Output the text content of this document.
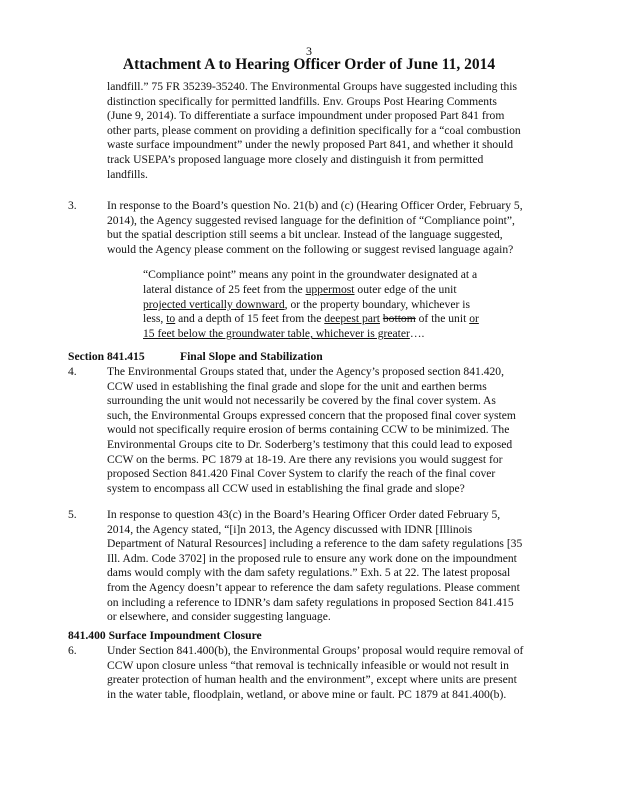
3
Attachment A to Hearing Officer Order of June 11, 2014
landfill.” 75 FR 35239-35240. The Environmental Groups have suggested including this
distinction specifically for permitted landfills. Env. Groups Post Hearing Comments
(June 9, 2014). To differentiate a surface impoundment under proposed Part 841 from
other parts, please comment on providing a definition specifically for a “coal combustion
waste surface impoundment” under the newly proposed Part 841, and whether it should
track USEPA’s proposed language more closely and distinguish it from permitted
landfills.
3.	In response to the Board’s question No. 21(b) and (c) (Hearing Officer Order, February 5,
2014), the Agency suggested revised language for the definition of “Compliance point”,
but the spatial description still seems a bit unclear. Instead of the language suggested,
would the Agency please comment on the following or suggest revised language again?
“Compliance point” means any point in the groundwater designated at a
lateral distance of 25 feet from the uppermost outer edge of the unit
projected vertically downward, or the property boundary, whichever is
less, to and a depth of 15 feet from the deepest part bottom of the unit or
15 feet below the groundwater table, whichever is greater….
Section 841.415	Final Slope and Stabilization
4.	The Environmental Groups stated that, under the Agency’s proposed section 841.420,
CCW used in establishing the final grade and slope for the unit and earthen berms
surrounding the unit would not necessarily be covered by the final cover system. As
such, the Environmental Groups expressed concern that the proposed final cover system
would not specifically require erosion of berms containing CCW to be minimized. The
Environmental Groups cite to Dr. Soderberg’s testimony that this could lead to exposed
CCW on the berms. PC 1879 at 18-19. Are there any revisions you would suggest for
proposed Section 841.420 Final Cover System to clarify the reach of the final cover
system to encompass all CCW used in establishing the final grade and slope?
5.	In response to question 43(c) in the Board’s Hearing Officer Order dated February 5,
2014, the Agency stated, “[i]n 2013, the Agency discussed with IDNR [Illinois
Department of Natural Resources] including a reference to the dam safety regulations [35
Ill. Adm. Code 3702] in the proposed rule to ensure any work done on the impoundment
dams would comply with the dam safety regulations.” Exh. 5 at 22. The latest proposal
from the Agency doesn’t appear to reference the dam safety regulations. Please comment
on including a reference to IDNR’s dam safety regulations in proposed Section 841.415
or elsewhere, and consider suggesting language.
841.400 Surface Impoundment Closure
6.	Under Section 841.400(b), the Environmental Groups’ proposal would require removal of
CCW upon closure unless “that removal is technically infeasible or would not result in
greater protection of human health and the environment”, except where units are present
in the water table, floodplain, wetland, or above mine or fault. PC 1879 at 841.400(b).
